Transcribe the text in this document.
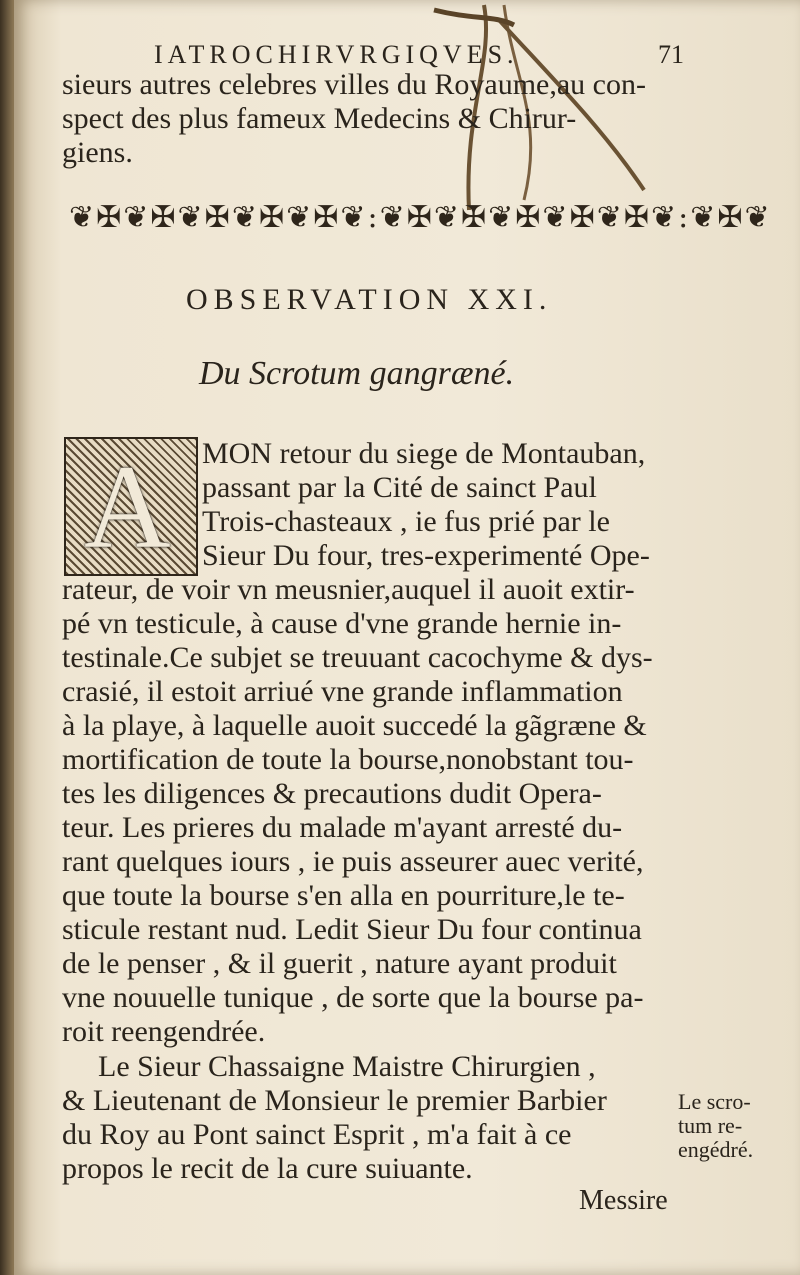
IATROCHIRVRGIQVES.	71
sieurs autres celebres villes du Royaume,au con-
spect des plus fameux Medecins & Chirur-
giens.
❦✠❦✠❦✠❦✠❦✠❦:❦✠❦✠❦✠❦✠❦✠❦:❦✠❦
OBSERVATION XXI.
Du Scrotum gangræné.
A MON retour du siege de Montauban,
passant par la Cité de sainct Paul
Trois-chasteaux , ie fus prié par le
Sieur Du four, tres-experimenté Ope-
rateur, de voir vn meusnier,auquel il auoit extir-
pé vn testicule, à cause d'vne grande hernie in-
testinale.Ce subjet se treuuant cacochyme & dys-
crasié, il estoit arriué vne grande inflammation
à la playe, à laquelle auoit succedé la gãgræne &
mortification de toute la bourse,nonobstant tou-
tes les diligences & precautions dudit Opera-
teur. Les prieres du malade m'ayant arresté du-
rant quelques iours , ie puis asseurer auec verité,
que toute la bourse s'en alla en pourriture,le te-
sticule restant nud. Ledit Sieur Du four continua
de le penser , & il guerit , nature ayant produit
vne nouuelle tunique , de sorte que la bourse pa-
roit reengendrée.
Le Sieur Chassaigne Maistre Chirurgien ,
& Lieutenant de Monsieur le premier Barbier
du Roy au Pont sainct Esprit , m'a fait à ce
propos le recit de la cure suiuante.
Le scro-
tum re-
engédré.
Messire
